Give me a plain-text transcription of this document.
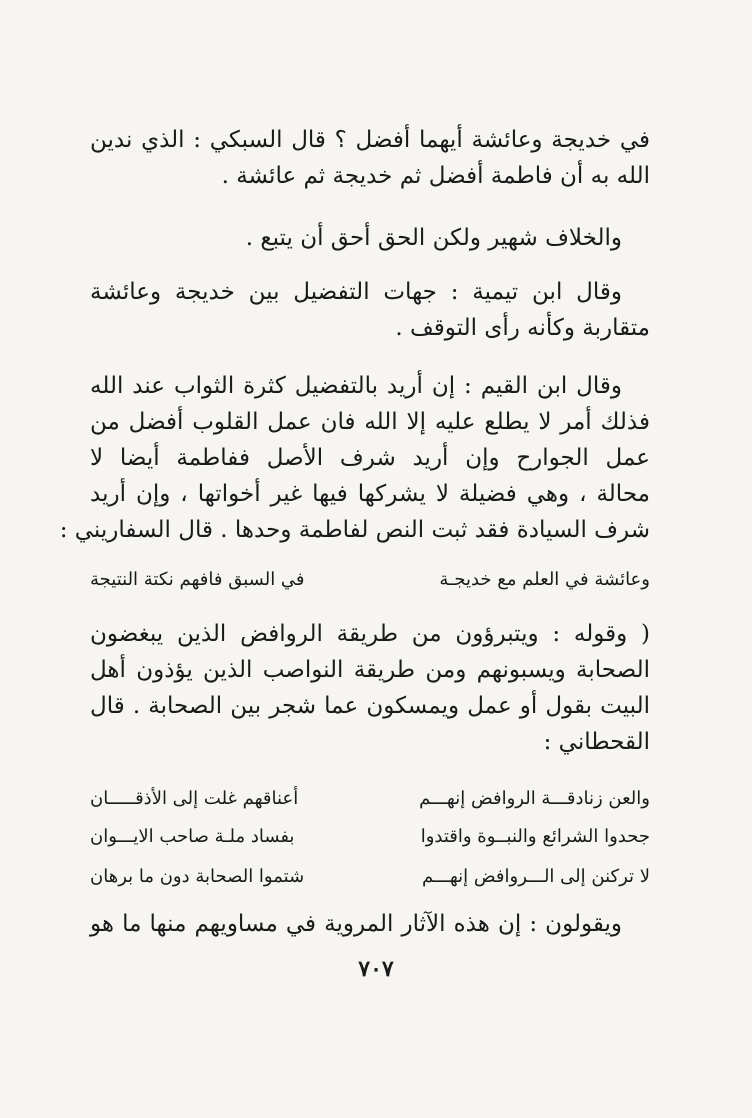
في خديجة وعائشة أيهما أفضل ؟ قال السبكي : الذي ندين
الله به أن فاطمة أفضل ثم خديجة ثم عائشة .
والخلاف شهير ولكن الحق أحق أن يتبع .
وقال ابن تيمية : جهات التفضيل بين خديجة وعائشة
متقاربة وكأنه رأى التوقف .
وقال ابن القيم : إن أريد بالتفضيل كثرة الثواب عند الله
فذلك أمر لا يطلع عليه إلا الله فان عمل القلوب أفضل من
عمل الجوارح وإن أريد شرف الأصل ففاطمة أيضا لا
محالة ، وهي فضيلة لا يشركها فيها غير أخواتها ، وإن أريد
شرف السيادة فقد ثبت النص لفاطمة وحدها . قال السفاريني :
وعائشة في العلم مع خديجـة
في السبق فافهم نكتة النتيجة
( وقوله : ويتبرؤون من طريقة الروافض الذين يبغضون
الصحابة ويسبونهم ومن طريقة النواصب الذين يؤذون أهل
البيت بقول أو عمل ويمسكون عما شجر بين الصحابة . قال
القحطاني :
والعن زنادقـــة الروافض إنهـــم
أعناقهم غلت إلى الأذقـــــان
جحدوا الشرائع والنبــوة واقتدوا
بفساد ملـة صاحب الايـــوان
لا تركنن إلى الـــروافض إنهـــم
شتموا الصحابة دون ما برهان
ويقولون : إن هذه الآثار المروية في مساويهم منها ما هو
٧٠٧
